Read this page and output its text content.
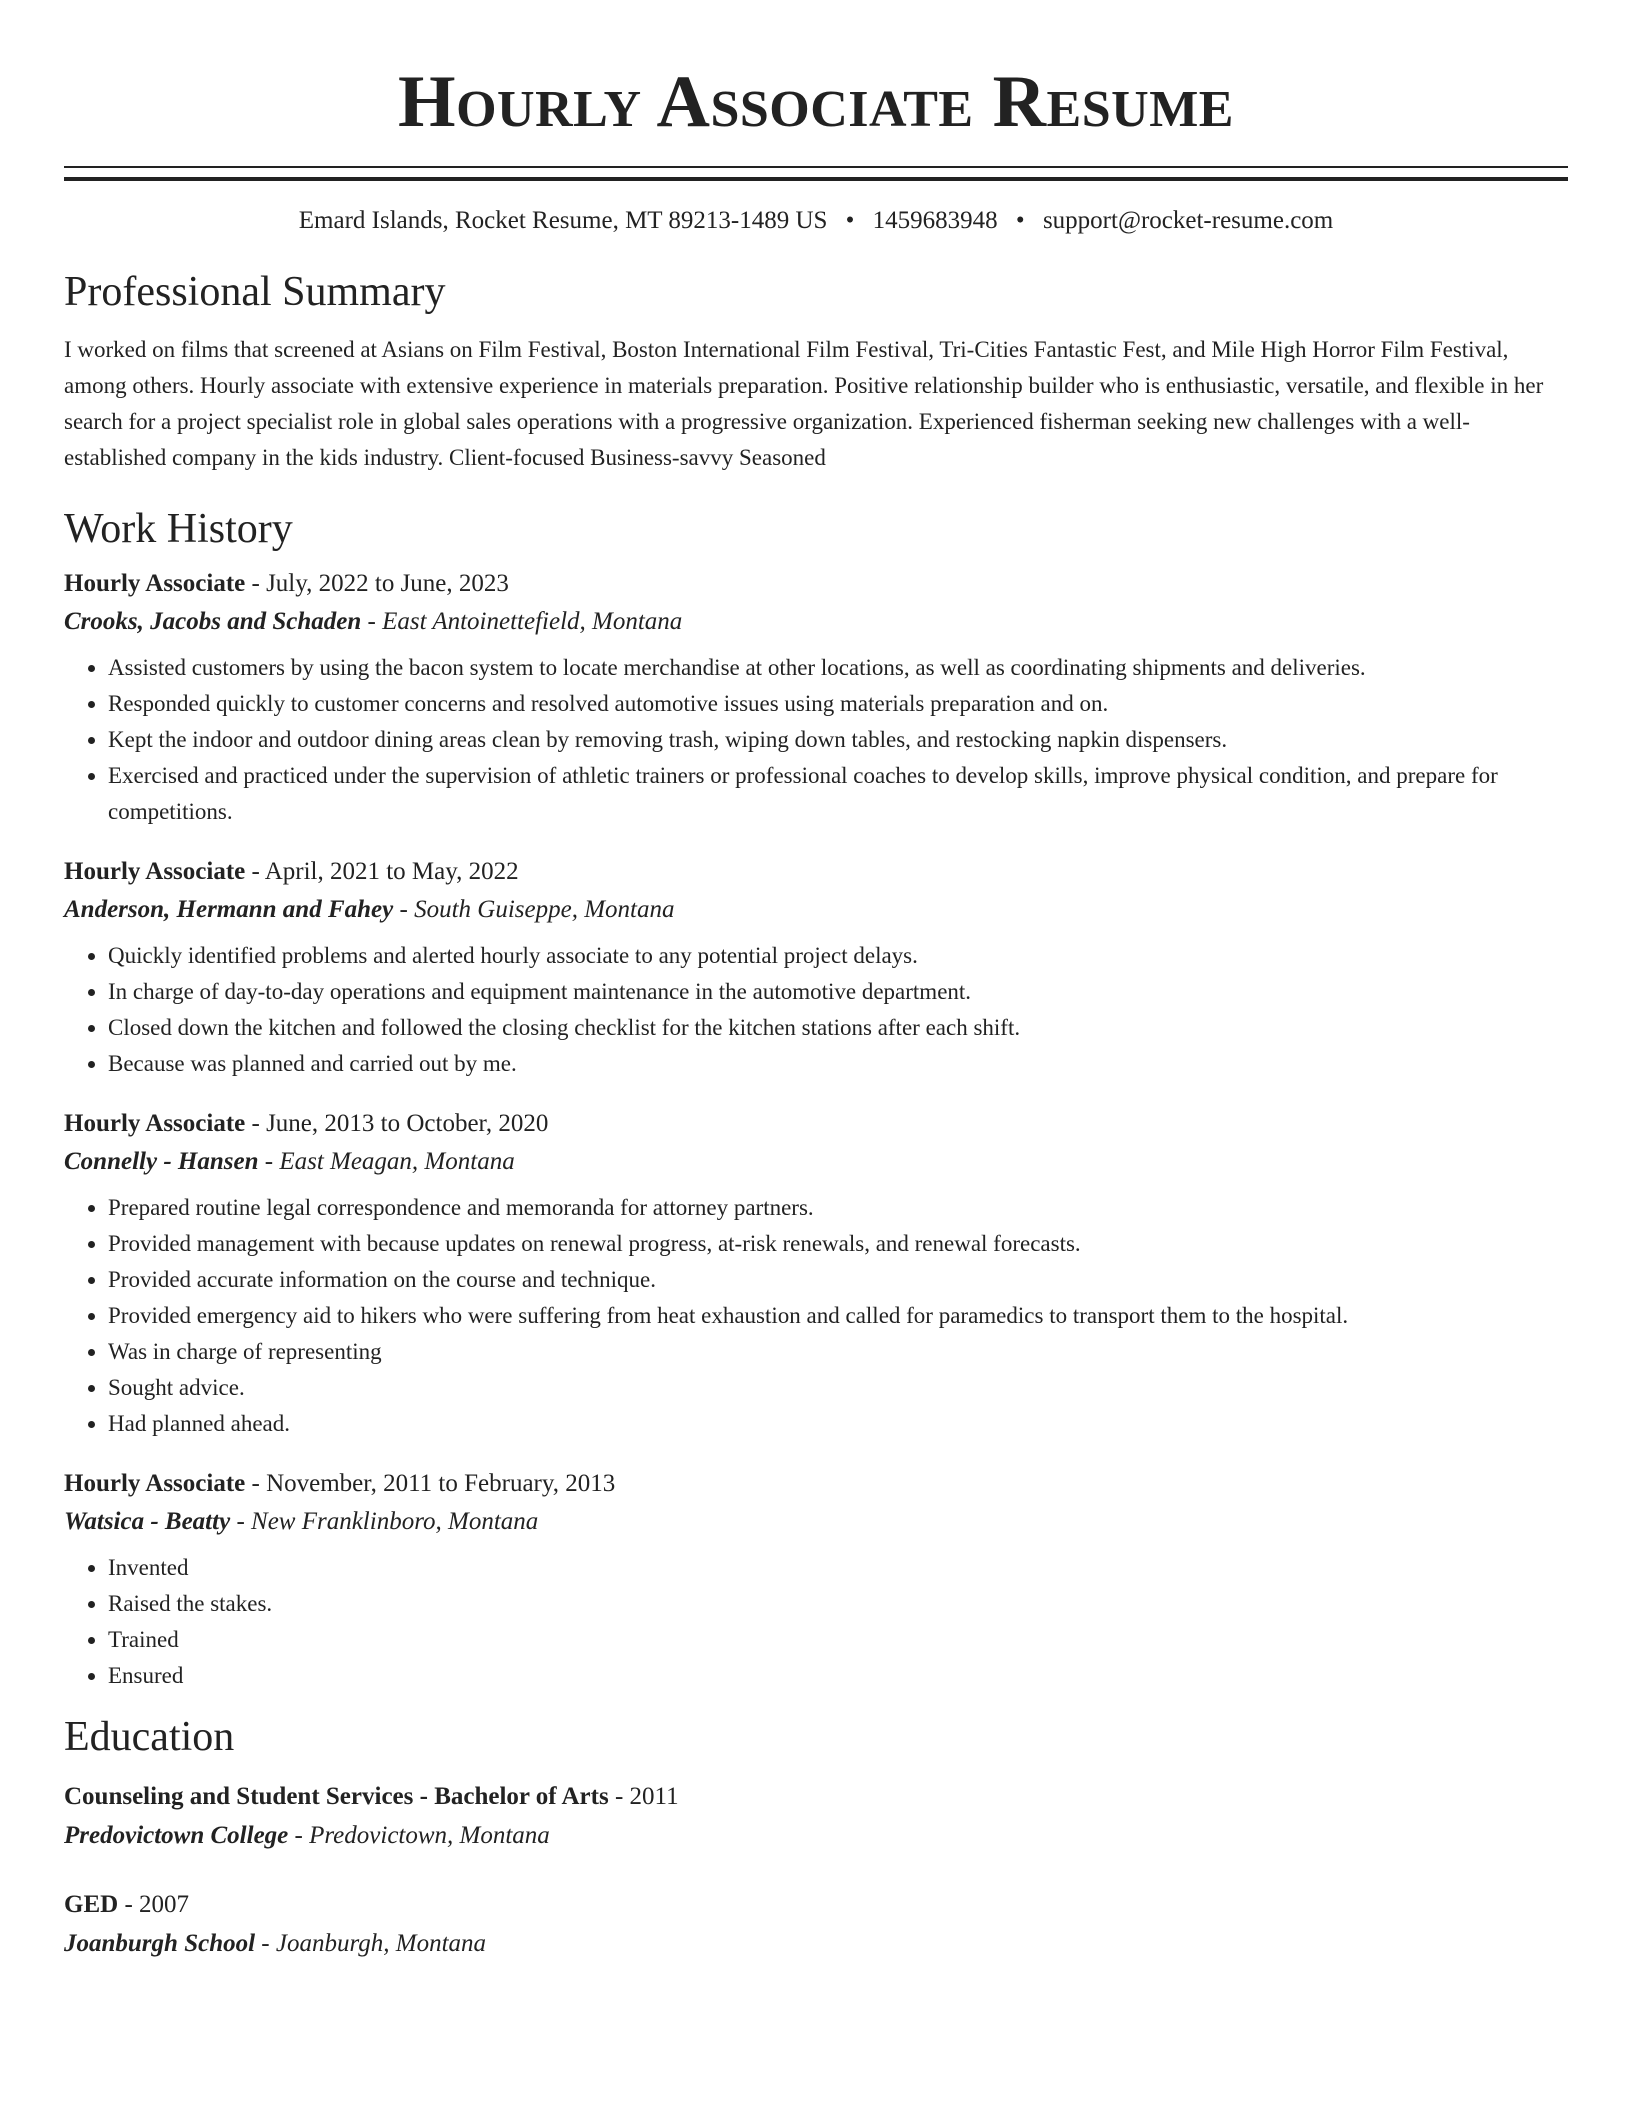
Hourly Associate Resume
Emard Islands, Rocket Resume, MT 89213-1489 US • 1459683948 • support@rocket-resume.com
Professional Summary

I worked on films that screened at Asians on Film Festival, Boston International Film Festival, Tri-Cities Fantastic Fest, and Mile High Horror Film Festival, among others. Hourly associate with extensive experience in materials preparation. Positive relationship builder who is enthusiastic, versatile, and flexible in her search for a project specialist role in global sales operations with a progressive organization. Experienced fisherman seeking new challenges with a well-established company in the kids industry. Client-focused Business-savvy Seasoned

Work History

Hourly Associate - July, 2022 to June, 2023

Crooks, Jacobs and Schaden - East Antoinettefield, Montana

• Assisted customers by using the bacon system to locate merchandise at other locations, as well as coordinating shipments and deliveries.
• Responded quickly to customer concerns and resolved automotive issues using materials preparation and on.
• Kept the indoor and outdoor dining areas clean by removing trash, wiping down tables, and restocking napkin dispensers.
• Exercised and practiced under the supervision of athletic trainers or professional coaches to develop skills, improve physical condition, and prepare for competitions.

Hourly Associate - April, 2021 to May, 2022

Anderson, Hermann and Fahey - South Guiseppe, Montana

• Quickly identified problems and alerted hourly associate to any potential project delays.
• In charge of day-to-day operations and equipment maintenance in the automotive department.
• Closed down the kitchen and followed the closing checklist for the kitchen stations after each shift.
• Because was planned and carried out by me.

Hourly Associate - June, 2013 to October, 2020

Connelly - Hansen - East Meagan, Montana

• Prepared routine legal correspondence and memoranda for attorney partners.
• Provided management with because updates on renewal progress, at-risk renewals, and renewal forecasts.
• Provided accurate information on the course and technique.
• Provided emergency aid to hikers who were suffering from heat exhaustion and called for paramedics to transport them to the hospital.
• Was in charge of representing
• Sought advice.
• Had planned ahead.

Hourly Associate - November, 2011 to February, 2013

Watsica - Beatty - New Franklinboro, Montana

• Invented
• Raised the stakes.
• Trained
• Ensured
Education

Counseling and Student Services - Bachelor of Arts - 2011

Predovictown College - Predovictown, Montana

GED - 2007

Joanburgh School - Joanburgh, Montana
